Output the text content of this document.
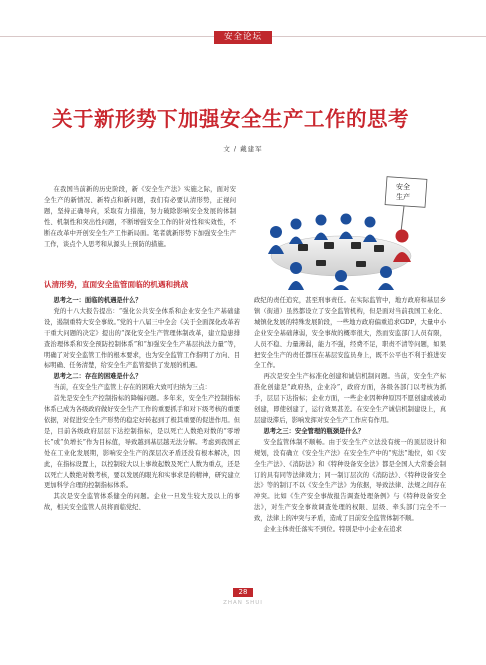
安全论坛
关于新形势下加强安全生产工作的思考
文 / 戴建军

在我国当前新的历史阶段，新《安全生产法》实施之际，面对安全生产的新情况、新特点和新问题，我们有必要认清形势，正视问题，坚持正确导向，采取有力措施，努力破除影响安全发展的体制性、机制性和突出性问题，不断增强安全工作的针对性和实效性，不断在改革中开创安全生产工作新局面。笔者就新形势下加强安全生产工作，谈点个人思考和从源头上预防的措施。

安全
生产
认清形势，直面安全监管面临的机遇和挑战

思考之一：面临的机遇是什么？

党的十八大报告提出：“强化公共安全体系和企业安全生产基础建设，遏制重特大安全事故。”党的十八届三中全会《关于全面深化改革若干重大问题的决定》提出的“深化安全生产管理体制改革，建立隐患排查治理体系和安全预防控制体系”和“加强安全生产基层执法力量”等，明确了对安全监管工作的根本要求，也为安全监管工作指明了方向、目标明确、任务清楚，给安全生产监管提供了发展的机遇。

思考之二：存在的困难是什么？

当前，在安全生产监管上存在的困难大致可归纳为三点：

首先是安全生产控制指标的降幅问题。多年来，安全生产控制指标体系已成为各级政府做好安全生产工作的重要抓手和对下级考核的重要依据，对促进安全生产形势的稳定好转起到了极其重要的促进作用。但是，目前各级政府层层下达控制指标，是以死亡人数绝对数的“零增长”或“负增长”作为目标值，导致越到基层越无法分解。考虑到我国正处在工业化发展期，影响安全生产的深层次矛盾还没有根本解决，因此，在指标设置上，以控制较大以上事故起数及死亡人数为重点，还是以死亡人数绝对数考核，要以发展的眼光和实事求是的精神，研究建立更加科学合理的控制指标体系。

其次是安全监管体系健全的问题。企业一旦发生较大及以上的事故，相关安全监管人员将面临党纪、

政纪的责任追究，甚至刑事责任。在实际监管中，地方政府和基层乡镇（街道）虽然都设立了安全监管机构，但是面对当前我国工业化、城镇化发展的特殊发展阶段，一些地方政府偏重追求GDP，大量中小企业安全基础薄弱，安全事故的概率很大，然而安监部门人员有限，人员不稳、力量薄弱，能力不强，经费不足，职责不清等问题，如果把安全生产的责任都压在基层安监员身上，既不公平也不利于推进安全工作。

再次是安全生产标准化创建和诚信机制问题。当前，安全生产标准化创建是“政府热，企业冷”，政府方面，各级各部门以考核为抓手，层层下达指标；企业方面，一些企业因种种原因不愿创建或被动创建，即使创建了，运行效果甚差。在安全生产诚信机制建设上，真层建设滞后，影响发挥对安全生产工作应有作用。

思考之三：安全管理的瓶颈是什么？

安全监管体制不顺畅。由于安全生产立法没有统一的顶层设计和规划，没有确立《安全生产法》在安全生产中的“宪法”地位，如《安全生产法》、《消防法》和《特种设备安全法》都是全国人大常委会制订的具有同等法律效力；同一制订层次的《消防法》、《特种设备安全法》等的制订不以《安全生产法》为依据，导致法律、法规之间存在冲突。比如《生产安全事故报告调查处理条例》与《特种设备安全法》，对生产安全事故调查处理的权限、层级、牵头部门完全不一致，法律上的冲突与矛盾，造成了目前安全监管体制不顺。

企业主体责任落实不到位。特别是中小企业在追求

28
ZHAN SHUI
